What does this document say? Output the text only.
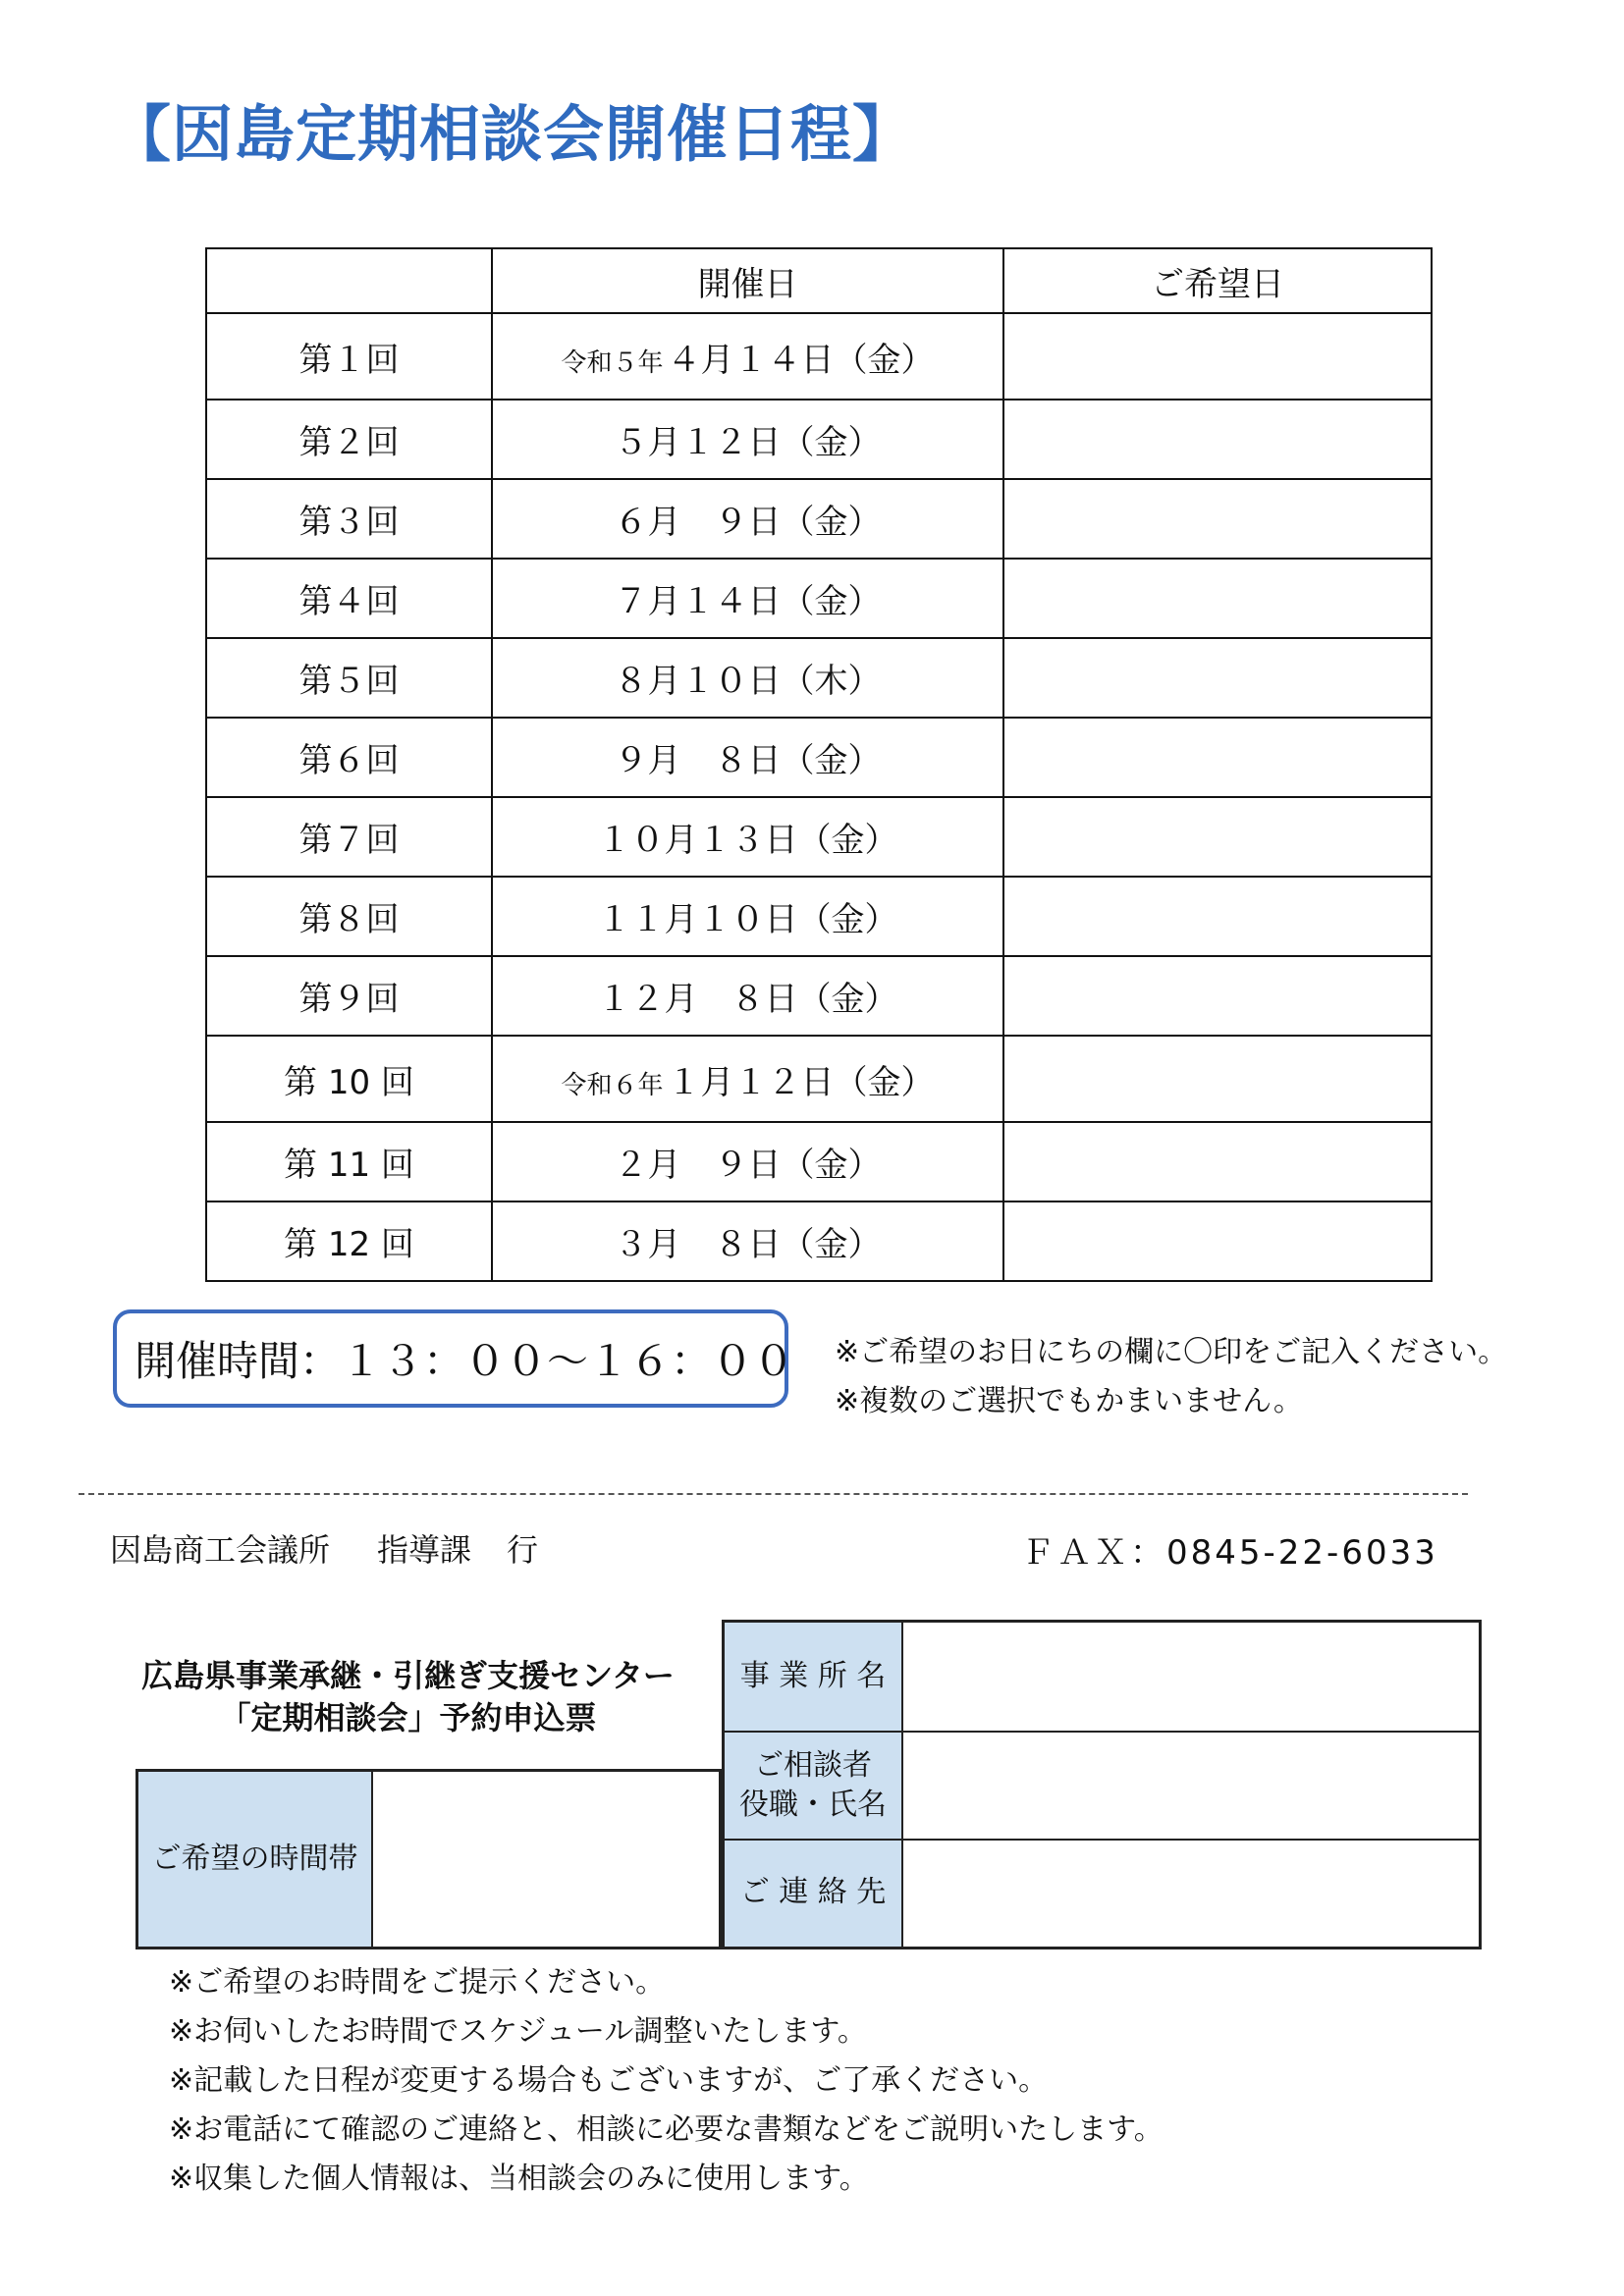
【因島定期相談会開催日程】
	開催日	ご希望日
第１回	令和５年 ４月１４日（金）	
第２回	５月１２日（金）	
第３回	６月　９日（金）	
第４回	７月１４日（金）	
第５回	８月１０日（木）	
第６回	９月　８日（金）	
第７回	１０月１３日（金）	
第８回	１１月１０日（金）	
第９回	１２月　８日（金）	
第 10 回	令和６年 １月１２日（金）	
第 11 回	２月　９日（金）	
第 12 回	３月　８日（金）	
開催時間：１３：００～１６：００ ※ご希望のお日にちの欄に〇印をご記入ください。
※複数のご選択でもかまいません。
因島商工会議所 指導課 行	ＦＡＸ：0845-22-6033
広島県事業承継・引継ぎ支援センター
「定期相談会」予約申込票
事 業 所 名
ご相談者
役職・氏名
ご 連 絡 先
ご希望の時間帯
※ご希望のお時間をご提示ください。
※お伺いしたお時間でスケジュール調整いたします。
※記載した日程が変更する場合もございますが、ご了承ください。
※お電話にて確認のご連絡と、相談に必要な書類などをご説明いたします。
※収集した個人情報は、当相談会のみに使用します。
